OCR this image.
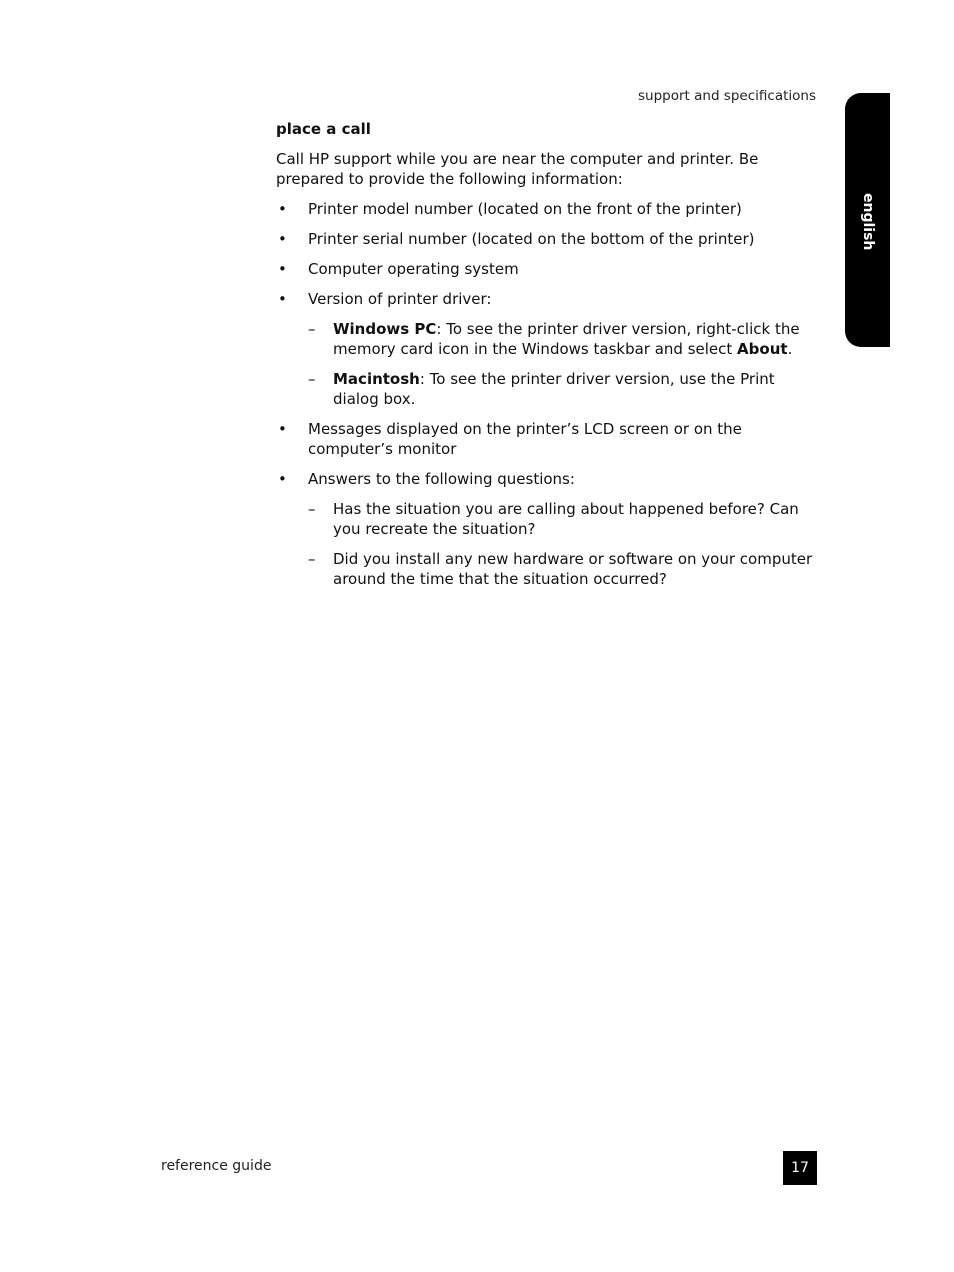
support and specifications
english
place a call

Call HP support while you are near the computer and printer. Be prepared to provide the following information:

• Printer model number (located on the front of the printer)
• Printer serial number (located on the bottom of the printer)
• Computer operating system
• Version of printer driver:
– Windows PC: To see the printer driver version, right-click the memory card icon in the Windows taskbar and select About.
– Macintosh: To see the printer driver version, use the Print dialog box.
• Messages displayed on the printer’s LCD screen or on the computer’s monitor
• Answers to the following questions:
– Has the situation you are calling about happened before? Can you recreate the situation?
– Did you install any new hardware or software on your computer around the time that the situation occurred?
reference guide	17
